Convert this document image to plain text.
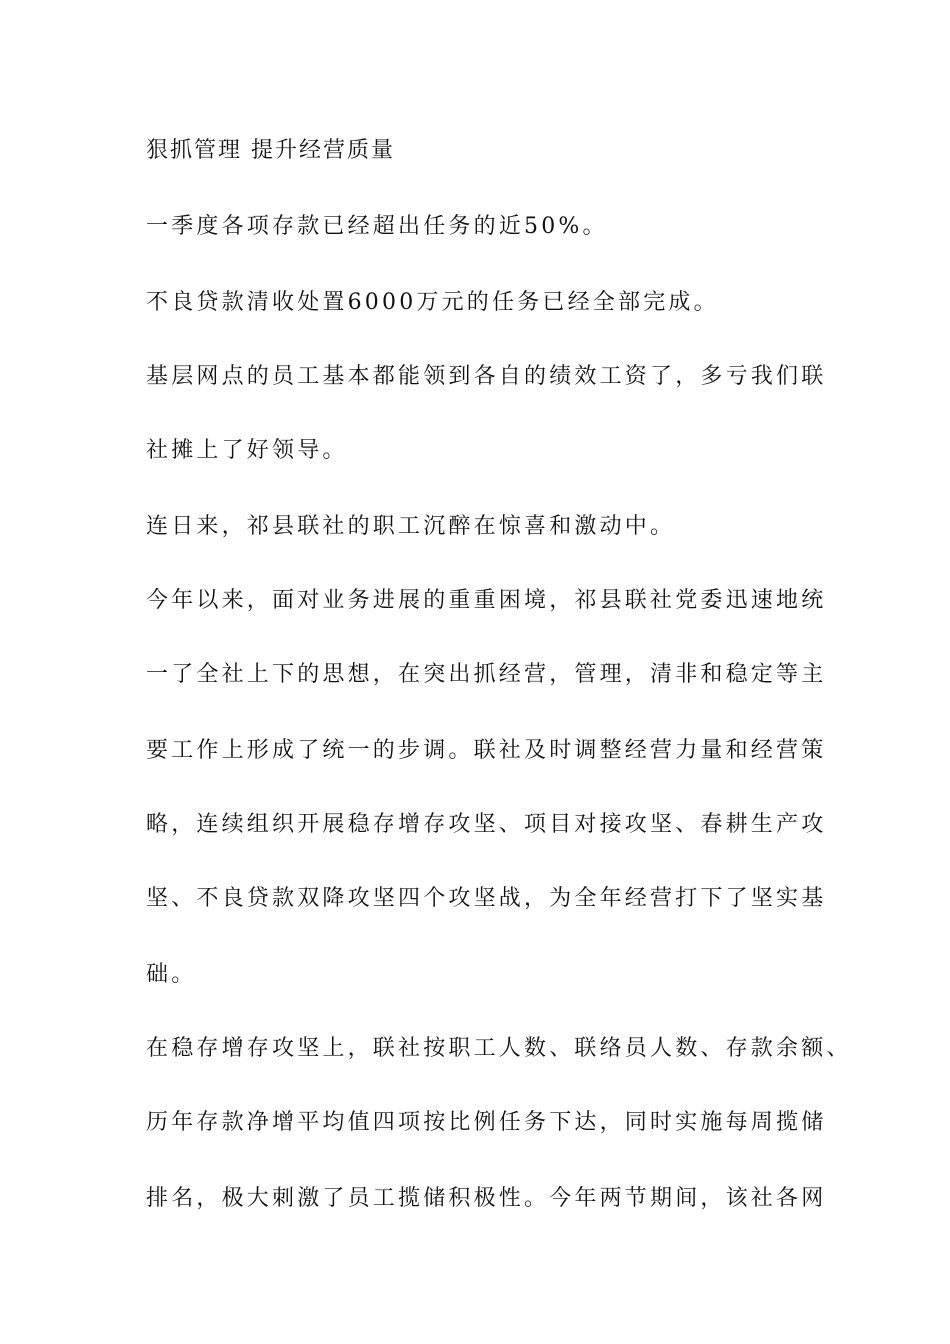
狠抓管理 提升经营质量

一季度各项存款已经超出任务的近50%。

不良贷款清收处置6000万元的任务已经全部完成。

基层网点的员工基本都能领到各自的绩效工资了，多亏我们联

社摊上了好领导。

连日来，祁县联社的职工沉醉在惊喜和激动中。

今年以来，面对业务进展的重重困境，祁县联社党委迅速地统

一了全社上下的思想，在突出抓经营，管理，清非和稳定等主

要工作上形成了统一的步调。联社及时调整经营力量和经营策

略，连续组织开展稳存增存攻坚、项目对接攻坚、春耕生产攻

坚、不良贷款双降攻坚四个攻坚战，为全年经营打下了坚实基

础。

在稳存增存攻坚上，联社按职工人数、联络员人数、存款余额、

历年存款净增平均值四项按比例任务下达，同时实施每周揽储

排名，极大刺激了员工揽储积极性。今年两节期间，该社各网
